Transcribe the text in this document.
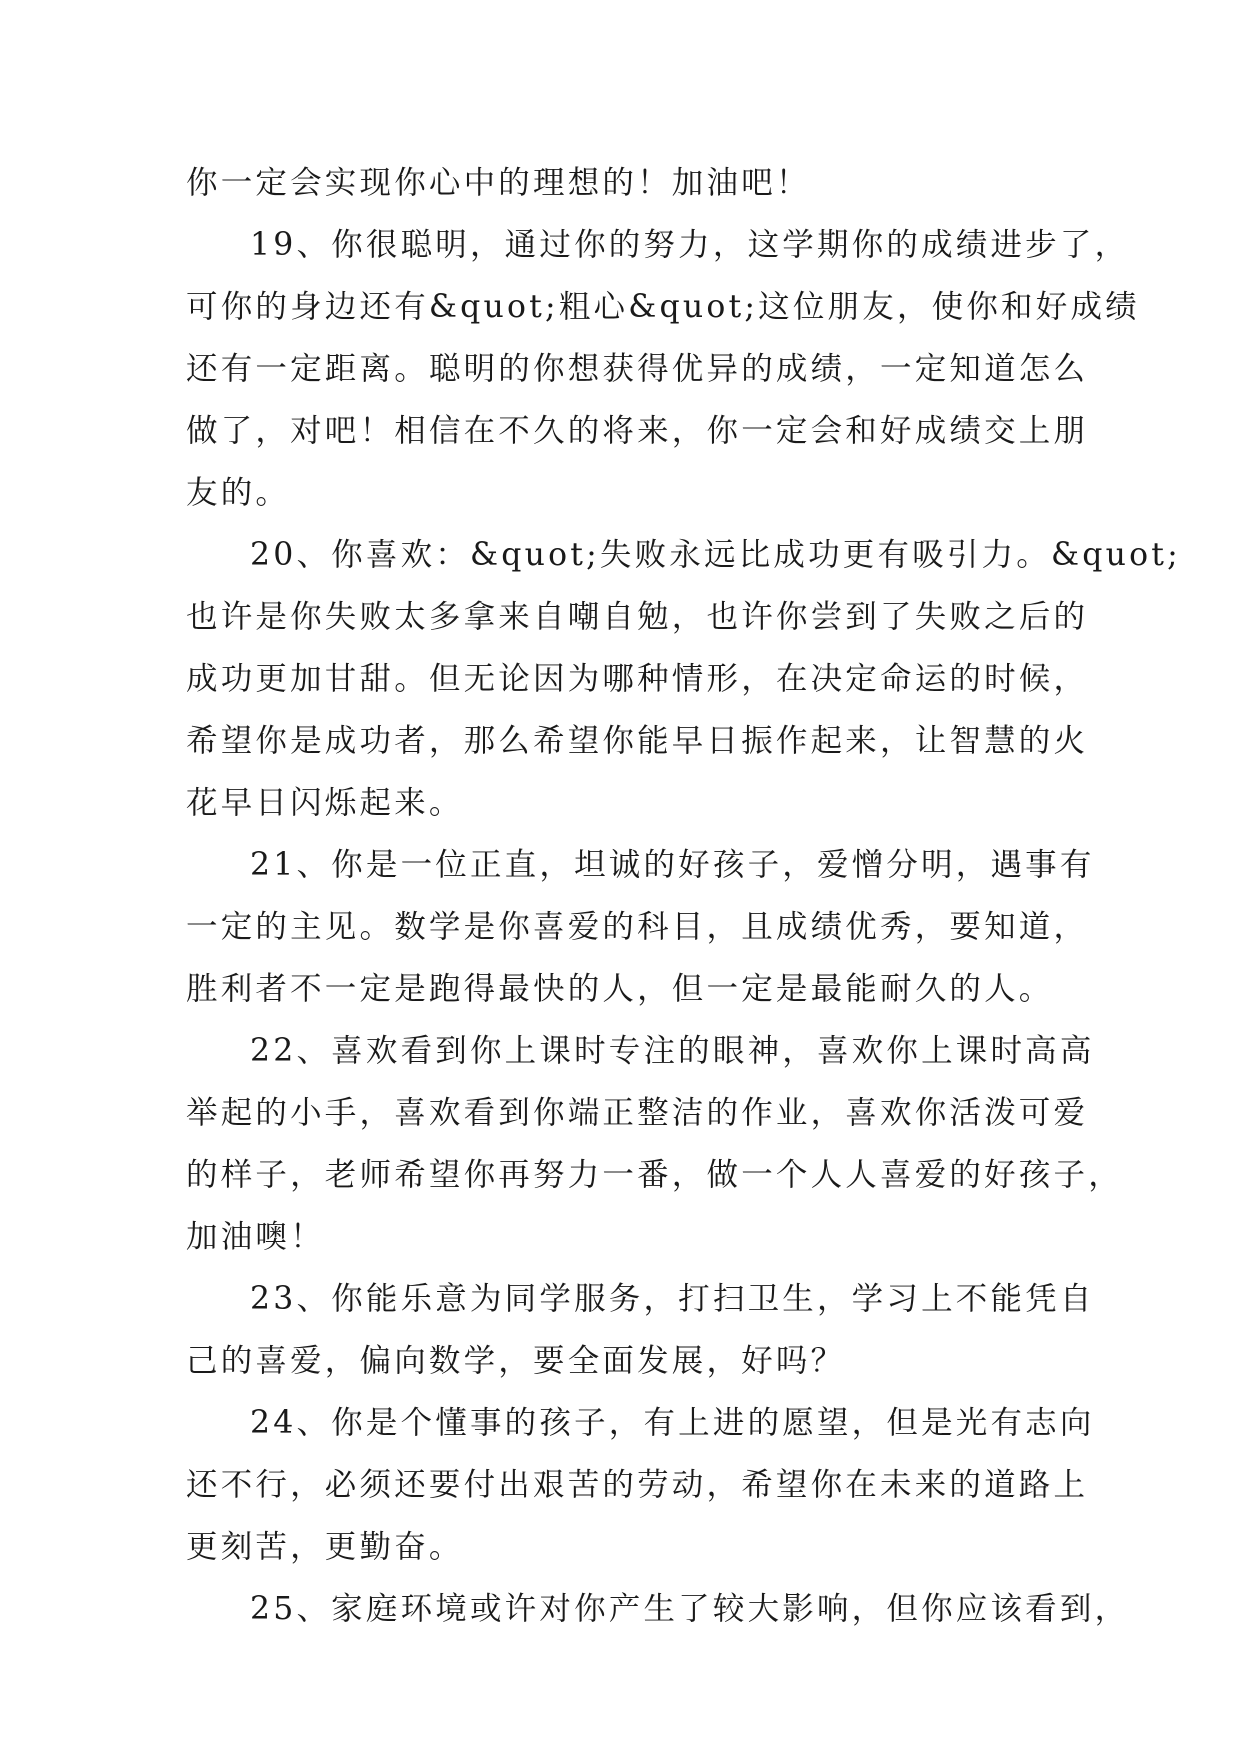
你一定会实现你心中的理想的！加油吧！
19、你很聪明，通过你的努力，这学期你的成绩进步了，
可你的身边还有&quot;粗心&quot;这位朋友，使你和好成绩
还有一定距离。聪明的你想获得优异的成绩，一定知道怎么
做了，对吧！相信在不久的将来，你一定会和好成绩交上朋
友的。
20、你喜欢：&quot;失败永远比成功更有吸引力。&quot;
也许是你失败太多拿来自嘲自勉，也许你尝到了失败之后的
成功更加甘甜。但无论因为哪种情形，在决定命运的时候，
希望你是成功者，那么希望你能早日振作起来，让智慧的火
花早日闪烁起来。
21、你是一位正直，坦诚的好孩子，爱憎分明，遇事有
一定的主见。数学是你喜爱的科目，且成绩优秀，要知道，
胜利者不一定是跑得最快的人，但一定是最能耐久的人。
22、喜欢看到你上课时专注的眼神，喜欢你上课时高高
举起的小手，喜欢看到你端正整洁的作业，喜欢你活泼可爱
的样子，老师希望你再努力一番，做一个人人喜爱的好孩子，
加油噢！
23、你能乐意为同学服务，打扫卫生，学习上不能凭自
己的喜爱，偏向数学，要全面发展，好吗？
24、你是个懂事的孩子，有上进的愿望，但是光有志向
还不行，必须还要付出艰苦的劳动，希望你在未来的道路上
更刻苦，更勤奋。
25、家庭环境或许对你产生了较大影响，但你应该看到，
